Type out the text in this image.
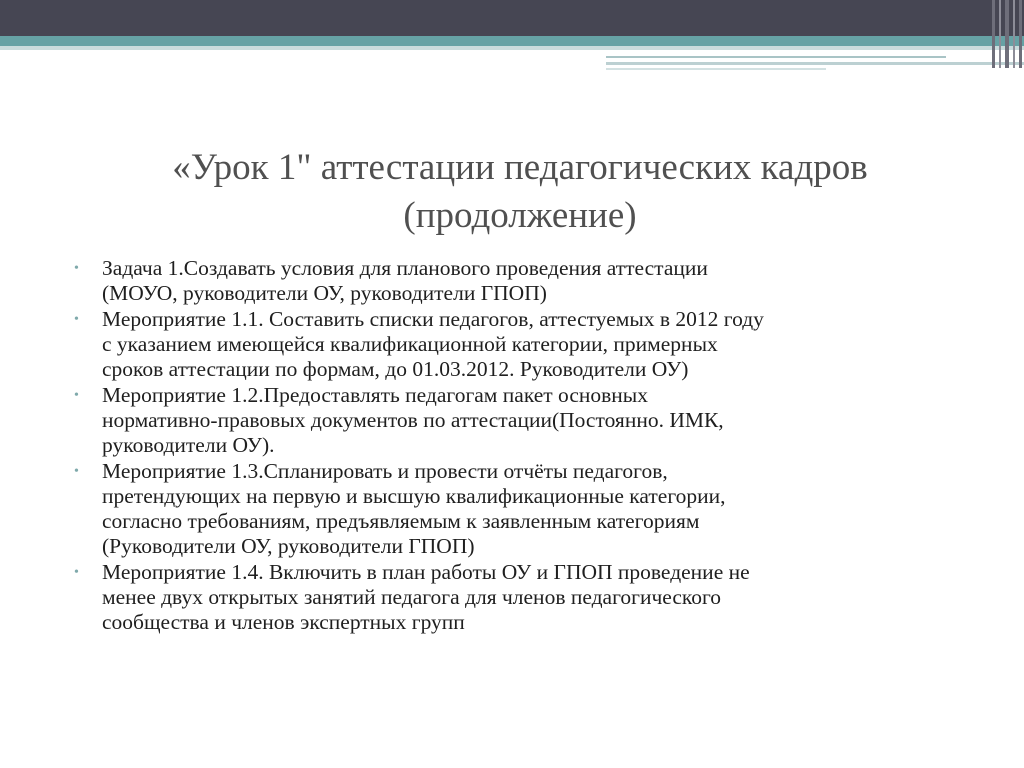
«Урок 1" аттестации педагогических кадров
(продолжение)
• Задача 1.Создавать условия для планового проведения аттестации
(МОУО, руководители ОУ, руководители ГПОП)
• Мероприятие 1.1. Составить списки педагогов, аттестуемых в 2012 году
с указанием имеющейся квалификационной категории, примерных
сроков аттестации по формам, до 01.03.2012. Руководители ОУ)
• Мероприятие 1.2.Предоставлять педагогам пакет основных
нормативно-правовых документов по аттестации(Постоянно. ИМК,
руководители ОУ).
• Мероприятие 1.3.Спланировать и провести отчёты педагогов,
претендующих на первую и высшую квалификационные категории,
согласно требованиям, предъявляемым к заявленным категориям
(Руководители ОУ, руководители ГПОП)
• Мероприятие 1.4. Включить в план работы ОУ и ГПОП проведение не
менее двух открытых занятий педагога для членов педагогического
сообщества и членов экспертных групп
